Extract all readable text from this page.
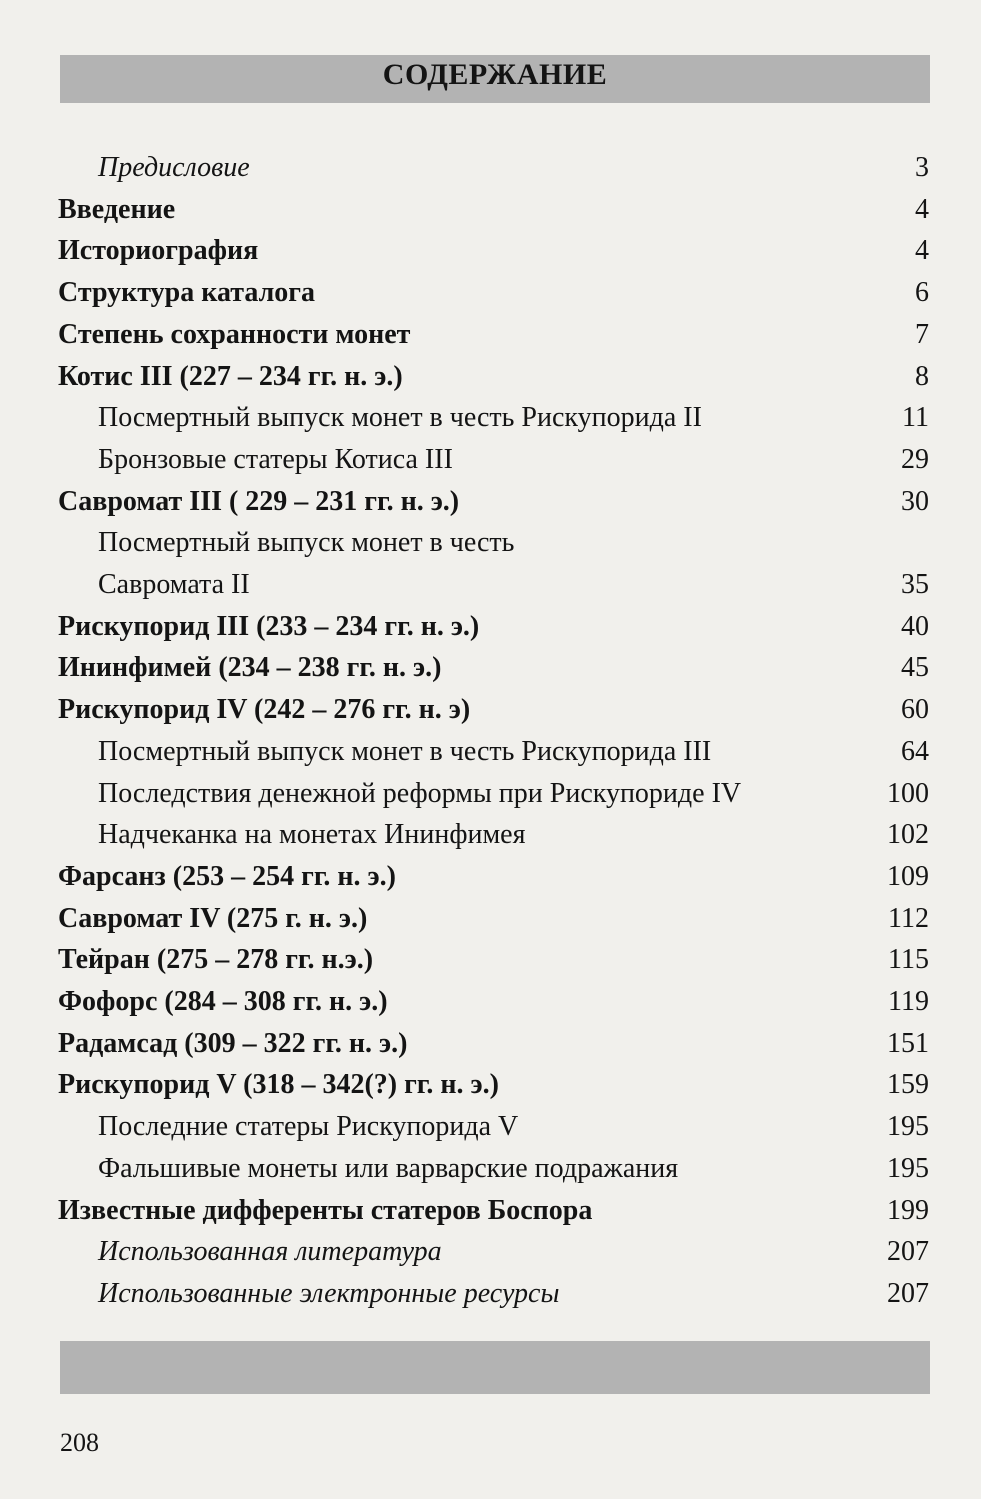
СОДЕРЖАНИЕ
Предисловие	3
Введение	4
Историография	4
Структура каталога	6
Степень сохранности монет	7
Котис III (227 – 234 гг. н. э.)	8
Посмертный выпуск монет в честь Рискупорида II	11
Бронзовые статеры Котиса III	29
Савромат III ( 229 – 231 гг. н. э.)	30
Посмертный выпуск монет в честь
Савромата II	35
Рискупорид III (233 – 234 гг. н. э.)	40
Ининфимей (234 – 238 гг. н. э.)	45
Рискупорид IV (242 – 276 гг. н. э)	60
Посмертный выпуск монет в честь Рискупорида III	64
Последствия денежной реформы при Рискупориде IV	100
Надчеканка на монетах Ининфимея	102
Фарсанз (253 – 254 гг. н. э.)	109
Савромат IV (275 г. н. э.)	112
Тейран (275 – 278 гг. н.э.)	115
Фофорс (284 – 308 гг. н. э.)	119
Радамсад (309 – 322 гг. н. э.)	151
Рискупорид V (318 – 342(?) гг. н. э.)	159
Последние статеры Рискупорида V	195
Фальшивые монеты или варварские подражания	195
Известные дифференты статеров Боспора	199
Использованная литература	207
Использованные электронные ресурсы	207
208
